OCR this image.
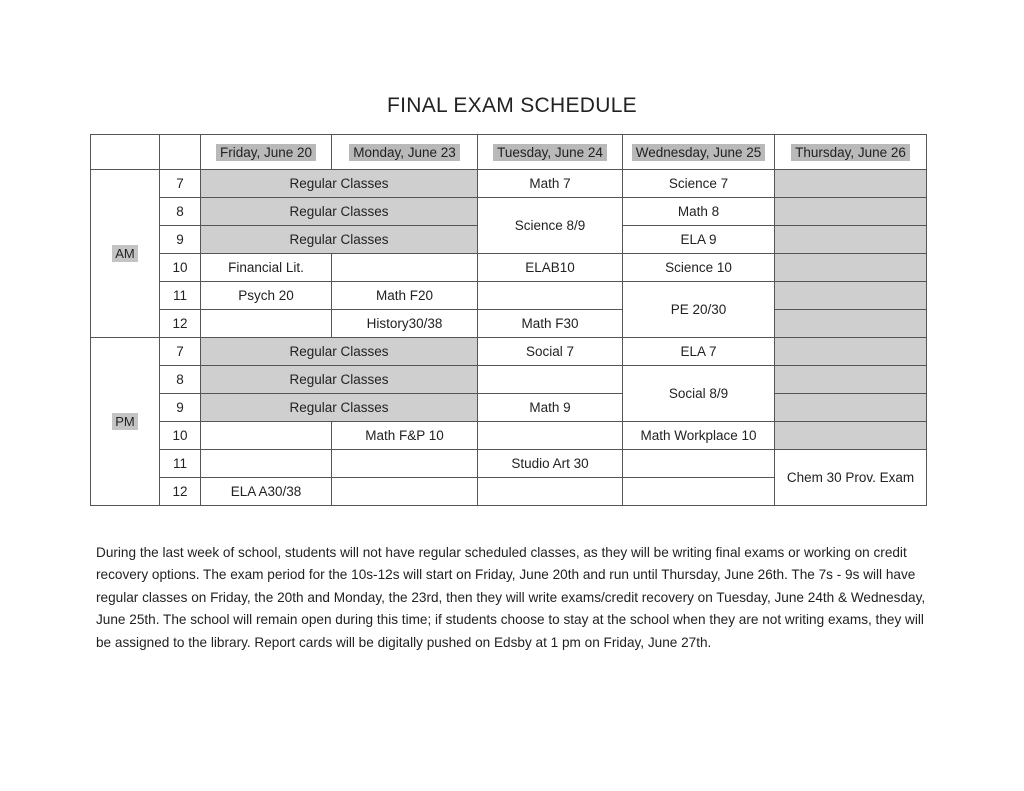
FINAL EXAM SCHEDULE
		Friday, June 20	Monday, June 23	Tuesday, June 24	Wednesday, June 25	Thursday, June 26
AM	7	Regular Classes		Math 7	Science 7	
	8	Regular Classes		Science 8/9	Math 8	
	9	Regular Classes			ELA 9	
	10	Financial Lit.		ELAB10	Science 10	
	11	Psych 20	Math F20		PE 20/30	
	12		History30/38	Math F30		
PM	7	Regular Classes		Social 7	ELA 7	
	8	Regular Classes			Social 8/9	
	9	Regular Classes		Math 9		
	10		Math F&P 10		Math Workplace 10	
	11			Studio Art 30		Chem 30 Prov. Exam
	12	ELA A30/38				

During the last week of school, students will not have regular scheduled classes, as they will be writing final exams or working on credit recovery options. The exam period for the 10s-12s will start on Friday, June 20th and run until Thursday, June 26th. The 7s - 9s will have regular classes on Friday, the 20th and Monday, the 23rd, then they will write exams/credit recovery on Tuesday, June 24th & Wednesday, June 25th. The school will remain open during this time; if students choose to stay at the school when they are not writing exams, they will be assigned to the library. Report cards will be digitally pushed on Edsby at 1 pm on Friday, June 27th.
